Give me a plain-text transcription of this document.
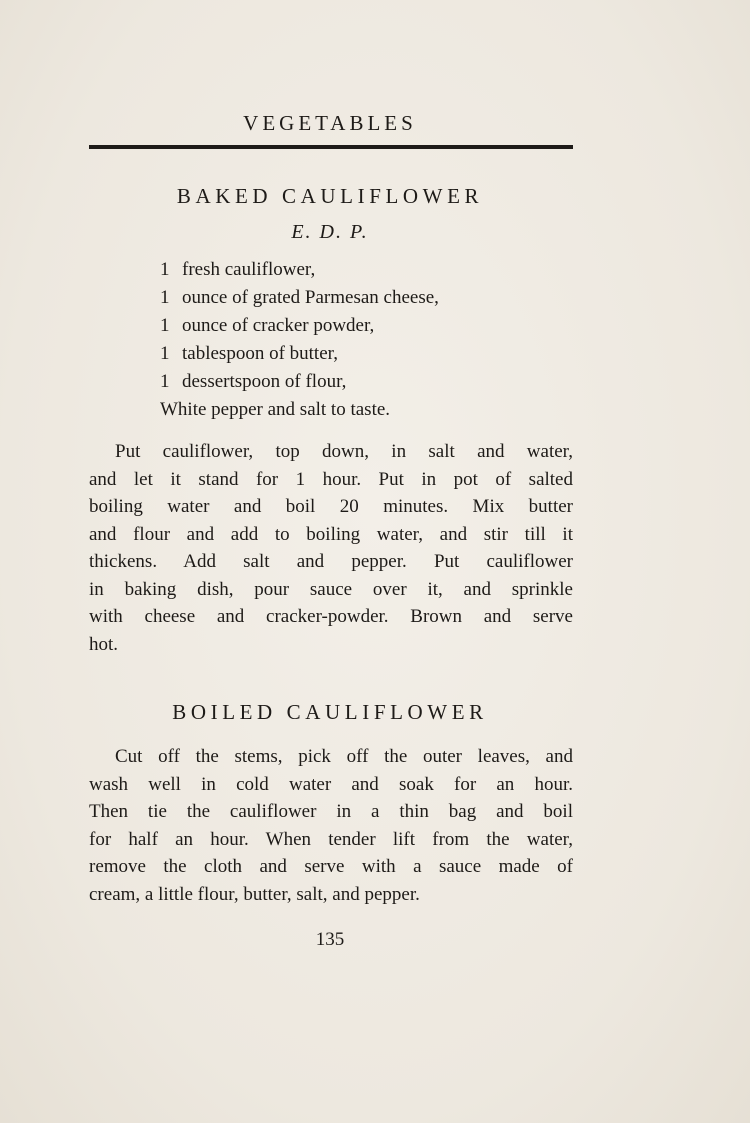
VEGETABLES
BAKED CAULIFLOWER
E. D. P.
1 fresh cauliflower,
1 ounce of grated Parmesan cheese,
1 ounce of cracker powder,
1 tablespoon of butter,
1 dessertspoon of flour,
White pepper and salt to taste.

Put cauliflower, top down, in salt and water,
and let it stand for 1 hour. Put in pot of salted
boiling water and boil 20 minutes. Mix butter
and flour and add to boiling water, and stir till it
thickens. Add salt and pepper. Put cauliflower
in baking dish, pour sauce over it, and sprinkle
with cheese and cracker-powder. Brown and serve
hot.

BOILED CAULIFLOWER

Cut off the stems, pick off the outer leaves, and
wash well in cold water and soak for an hour.
Then tie the cauliflower in a thin bag and boil
for half an hour. When tender lift from the water,
remove the cloth and serve with a sauce made of
cream, a little flour, butter, salt, and pepper.

135
